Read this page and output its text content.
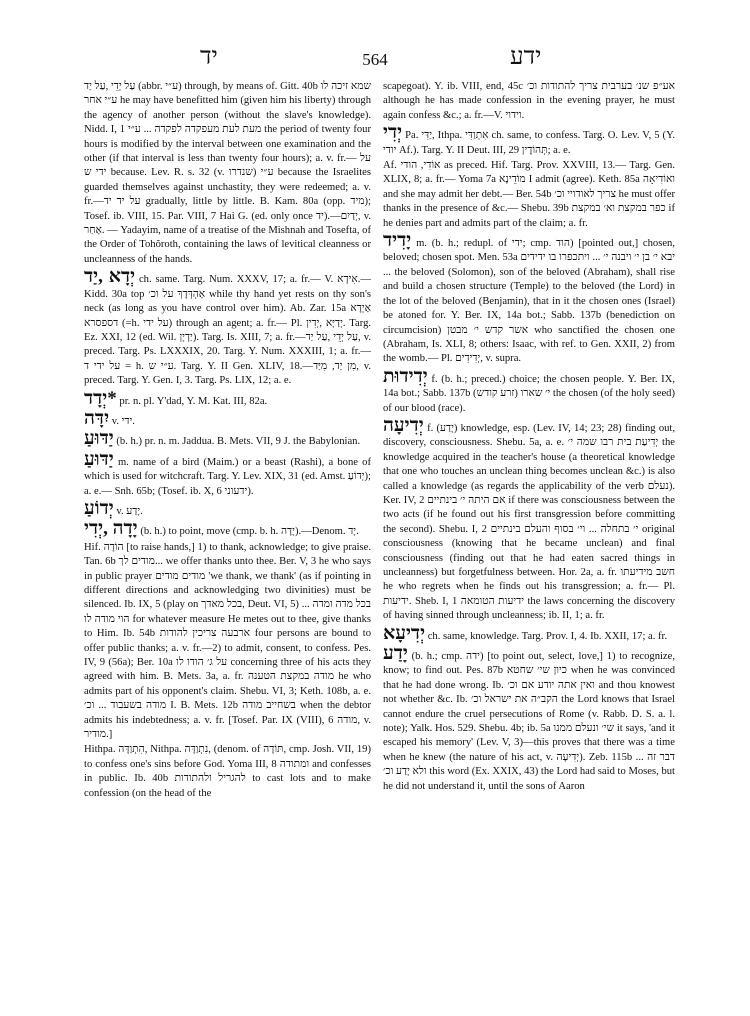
יד	564	ידע

עַל יְדֵי ,עַל יַד (abbr. ע״י) through, by means of. Gitt. 40b שמא זיכה לו ע״י אחר he may have benefitted him (given him his liberty) through the agency of another person (without the slave's knowledge). Nidd. I, 1 מעת לעת מעפקדה לפקדה ... ע״י the period of twenty four hours is modified by the interval between one examination and the other (if that interval is less than twenty four hours); a. v. fr.— על ידי ש because. Lev. R. s. 32 (v. שנדרו) ע״י because the Israelites guarded themselves against unchastity, they were redeemed; a. v. fr.—על יד יד gradually, little by little. B. Kam. 80a (opp. מיד); Tosef. ib. VIII, 15. Par. VIII, 7 Hai G. (ed. only once יד).—יְדַיִם, v. אַחַר. — Yadayim, name of a treatise of the Mishnah and Tosefta, of the Order of Tohŏroth, containing the laws of levitical cleanness or uncleanness of the hands.

יְדָא ,יַד ch. same. Targ. Num. XXXV, 17; a. fr.— V. אִידָא.— Kidd. 30a top אַהְדְּדָךְ על וכ׳ while thy hand yet rests on thy son's neck (as long as you have control over him). Ab. Zar. 15a אַיְדָא דספסרא (=h. על ידי) through an agent; a. fr.— Pl. יְדַיָּא ,יְדִין. Targ. Ez. XXI, 12 (ed. Wil. יַדְיָן). Targ. Is. XIII, 7; a. fr.—עַל יְדֵי ,עַל יַד, v. preced. Targ. Ps. LXXXIX, 20. Targ. Y. Num. XXXIII, 1; a. fr.— על ידי ד = h. ע״י ש. Targ. Y. II Gen. XLIV, 18.—מִן יַד, מִיַּד, v. preced. Targ. Y. Gen. I, 3. Targ. Ps. LIX, 12; a. e.

*יְדָד pr. n. pl. Y'dad, Y. M. Kat. III, 82a.

יִדָּה v. ידי.

יַדּוּעַ (b. h.) pr. n. m. Jaddua. B. Mets. VII, 9 J. the Babylonian.

יַדּוּעַ m. name of a bird (Maim.) or a beast (Rashi), a bone of which is used for witchcraft. Targ. Y. Lev. XIX, 31 (ed. Amst. יְדוֹעַ); a. e.— Snh. 65b; (Tosef. ib. X, 6 ידעוני).

יְדוֹעַ v. יָדַע.

יָדָה ,יְדִי (b. h.) to point, move (cmp. b. h. יָדָה).—Denom. יָד.

Hif. הוֹדָה [to raise hands,] 1) to thank, acknowledge; to give praise. Tan. 6b מודים לך... we offer thanks unto thee. Ber. V, 3 he who says in public prayer מודים מודים 'we thank, we thank' (as if pointing in different directions and acknowledging two divinities) must be silenced. Ib. IX, 5 (play on בכל מאדך, Deut. VI, 5) בכל מדה ומדה ... הוי מודה לו for whatever measure He metes out to thee, give thanks to Him. Ib. 54b ארבעה צריכין להודות four persons are bound to offer public thanks; a. v. fr.—2) to admit, consent, to confess. Pes. IV, 9 (56a); Ber. 10a על ג׳ הודו לו concerning three of his acts they agreed with him. B. Mets. 3a, a. fr. מודה במקצת הטענה he who admits part of his opponent's claim. Shebu. VI, 3; Keth. 108b, a. e. מודה בשעבוד ... וכ׳ I. B. Mets. 12b בשחייב מודה when the debtor admits his indebtedness; a. v. fr. [Tosef. Par. IX (VIII), 6 מודה, v. מודיר.]

Hithpa. הִתְוַדָּה, Nithpa. נִתְוַדָּה, (denom. of תּוֹדָה, cmp. Josh. VII, 19) to confess one's sins before God. Yoma III, 8 ומתודה and confesses in public. Ib. 40b להגריל ולהתודות to cast lots and to make confession (on the head of the

scapegoat). Y. ib. VIII, end, 45c אע״פ שנ׳ בערבית צריך להתודות וכ׳ although he has made confession in the evening prayer, he must again confess &c.; a. fr.—V. וידוי.

יְדִי Pa. יַדִּי, Ithpa. אִתְוַדִּי ch. same, to confess. Targ. O. Lev. V, 5 (Y. יודי Af.). Targ. Y. II Deut. III, 29 תְּהוֹדֶין; a. e.

Af. אוֹדִי, הודי as preced. Hif. Targ. Prov. XXVIII, 13.— Targ. Gen. XLIX, 8; a. fr.— Yoma 7a מוֹדֵינָא I admit (agree). Keth. 85a ואוֹדִיאָה and she may admit her debt.— Ber. 54b צריך לאודויי וכ׳ he must offer thanks in the presence of &c.— Shebu. 39b כפר במקצת וא׳ במקצת if he denies part and admits part of the claim; a. fr.

יָדִיד m. (b. h.; redupl. of ידי; cmp. הוד) [pointed out,] chosen, beloved; chosen spot. Men. 53a יבא י׳ בן י׳ ויבנה י׳ ... ויתכפרו בו ידידים ... the beloved (Solomon), son of the beloved (Abraham), shall rise and build a chosen structure (Temple) to the beloved (the Lord) in the lot of the beloved (Benjamin), that in it the chosen ones (Israel) be atoned for. Y. Ber. IX, 14a bot.; Sabb. 137b (benediction on circumcision) אשר קדש י׳ מבטן who sanctified the chosen one (Abraham, Is. XLI, 8; others: Isaac, with ref. to Gen. XXII, 2) from the womb.— Pl. יְדִידִים, v. supra.

יְדִידוּת f. (b. h.; preced.) choice; the chosen people. Y. Ber. IX, 14a bot.; Sabb. 137b (זרע קודש) י׳ שארו the chosen (of the holy seed) of our blood (race).

יְדִיעָה f. (יָדַע) knowledge, esp. (Lev. IV, 14; 23; 28) finding out, discovery, consciousness. Shebu. 5a, a. e. יְדִיעַת בית רבו שמה י׳ the knowledge acquired in the teacher's house (a theoretical knowledge that one who touches an unclean thing becomes unclean &c.) is also called a knowledge (as regards the applicability of the verb נעלם). Ker. IV, 2 אם היתה י׳ בינתיים if there was consciousness between the two acts (if he found out his first transgression before committing the second). Shebu. I, 2 י׳ בתחלה ... וי׳ בסוף והעלם בינתיים original consciousness (knowing that he became unclean) and final consciousness (finding out that he had eaten sacred things in uncleanness) but forgetfulness between. Hor. 2a, a. fr. חשב מידיעתו he who regrets when he finds out his transgression; a. fr.— Pl. ידיעות. Sheb. I, 1 ידיעות הטומאה the laws concerning the discovery of having sinned through uncleanness; ib. II, 1; a. fr.

יְדִיעָא ch. same, knowledge. Targ. Prov. I, 4. Ib. XXII, 17; a. fr.

יָדַע (b. h.; cmp. ידה) [to point out, select, love,] 1) to recognize, know; to find out. Pes. 87b כיון שי׳ שחטא when he was convinced that he had done wrong. Ib. ואין אתה יודע אם וכ׳ and thou knowest not whether &c. Ib. הקב״ה את ישראל וכ׳ the Lord knows that Israel cannot endure the cruel persecutions of Rome (v. Rabb. D. S. a. l. note); Yalk. Hos. 529. Shebu. 4b; ib. 5a שי׳ ונעלם ממנו it says, 'and it escaped his memory' (Lev. V, 3)—this proves that there was a time when he knew (the nature of his act, v. יְדִיעָה). Zeb. 115b דבר זה ... ולא יָדַע וכ׳ this word (Ex. XXIX, 43) the Lord had said to Moses, but he did not understand it, until the sons of Aaron
